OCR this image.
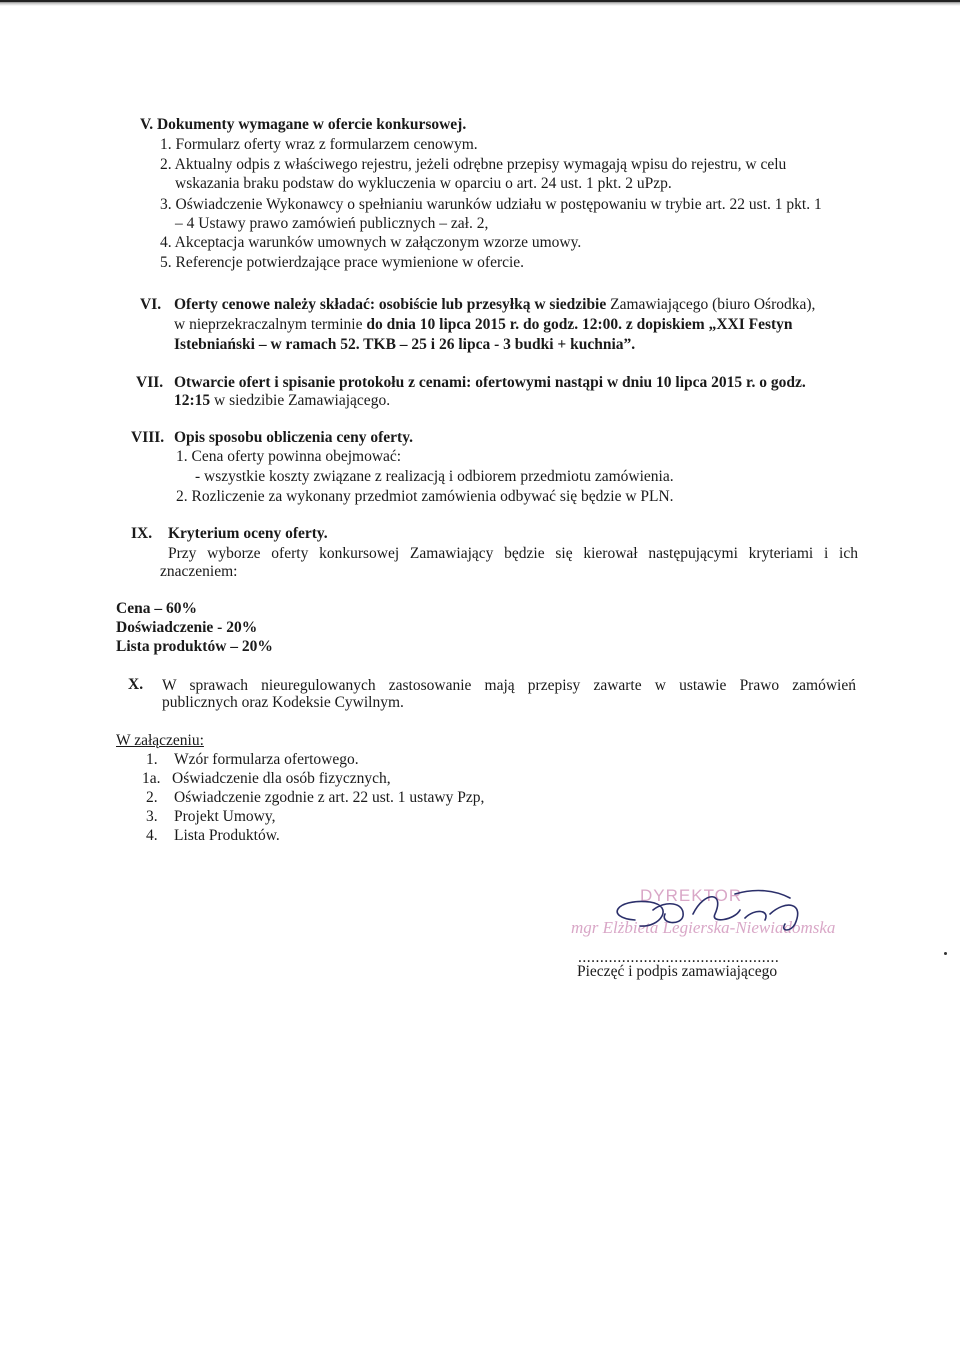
V. Dokumenty wymagane w ofercie konkursowej.
1. Formularz oferty wraz z formularzem cenowym.
2. Aktualny odpis z właściwego rejestru, jeżeli odrębne przepisy wymagają wpisu do rejestru, w celu
wskazania braku podstaw do wykluczenia w oparciu o art. 24 ust. 1 pkt. 2 uPzp.
3. Oświadczenie Wykonawcy o spełnianiu warunków udziału w postępowaniu w trybie art. 22 ust. 1 pkt. 1
– 4 Ustawy prawo zamówień publicznych – zał. 2,
4. Akceptacja warunków umownych w załączonym wzorze umowy.
5. Referencje potwierdzające prace wymienione w ofercie.
VI. Oferty cenowe należy składać: osobiście lub przesyłką w siedzibie Zamawiającego (biuro Ośrodka),
w nieprzekraczalnym terminie do dnia 10 lipca 2015 r. do godz. 12:00. z dopiskiem „XXI Festyn
Istebniański – w ramach 52. TKB – 25 i 26 lipca - 3 budki + kuchnia”.
VII. Otwarcie ofert i spisanie protokołu z cenami: ofertowymi nastąpi w dniu 10 lipca 2015 r. o godz.
12:15 w siedzibie Zamawiającego.
VIII. Opis sposobu obliczenia ceny oferty.
1. Cena oferty powinna obejmować:
- wszystkie koszty związane z realizacją i odbiorem przedmiotu zamówienia.
2. Rozliczenie za wykonany przedmiot zamówienia odbywać się będzie w PLN.
IX. Kryterium oceny oferty.
Przy wyborze oferty konkursowej Zamawiający będzie się kierował następującymi kryteriami i ich
znaczeniem:
Cena – 60%
Doświadczenie - 20%
Lista produktów – 20%
X. W sprawach nieuregulowanych zastosowanie mają przepisy zawarte w ustawie Prawo zamówień
publicznych oraz Kodeksie Cywilnym.
W załączeniu:
1. Wzór formularza ofertowego.
1a. Oświadczenie dla osób fizycznych,
2. Oświadczenie zgodnie z art. 22 ust. 1 ustawy Pzp,
3. Projekt Umowy,
4. Lista Produktów.
DYREKTOR
mgr Elżbieta Legierska-Niewiadomska
..............................................
Pieczęć i podpis zamawiającego
